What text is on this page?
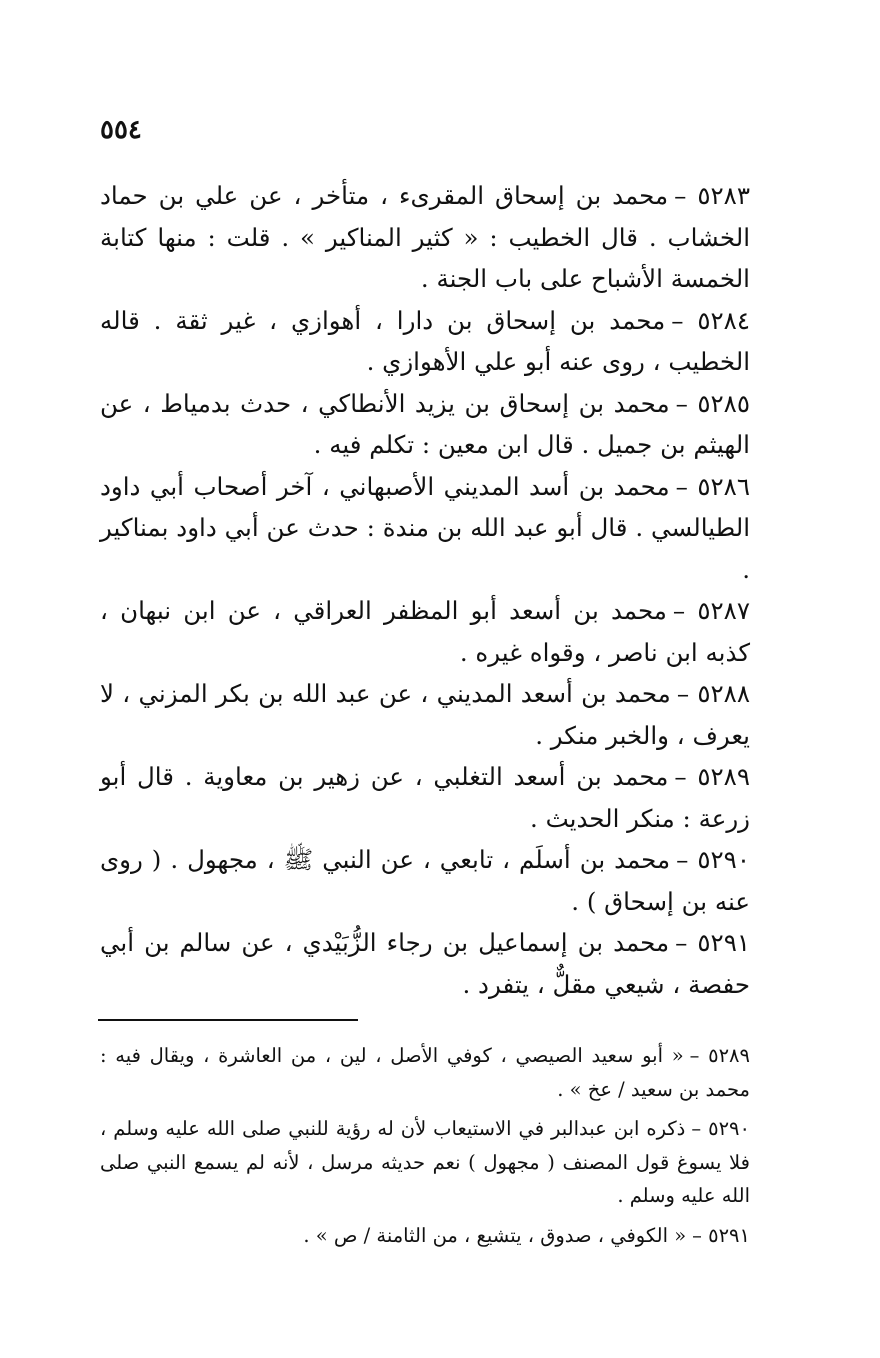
٥٥٤

٥٢٨٣ –محمد بن إسحاق المقرىء ، متأخر ، عن علي بن حماد الخشاب . قال الخطيب : « كثير المناكير » . قلت : منها كتابة الخمسة الأشباح على باب الجنة .

٥٢٨٤ –محمد بن إسحاق بن دارا ، أهوازي ، غير ثقة . قاله الخطيب ، روى عنه أبو علي الأهوازي .

٥٢٨٥ –محمد بن إسحاق بن يزيد الأنطاكي ، حدث بدمياط ، عن الهيثم بن جميل . قال ابن معين : تكلم فيه .

٥٢٨٦ –محمد بن أسد المديني الأصبهاني ، آخر أصحاب أبي داود الطيالسي . قال أبو عبد الله بن مندة : حدث عن أبي داود بمناكير .

٥٢٨٧ –محمد بن أسعد أبو المظفر العراقي ، عن ابن نبهان ، كذبه ابن ناصر ، وقواه غيره .

٥٢٨٨ –محمد بن أسعد المديني ، عن عبد الله بن بكر المزني ، لا يعرف ، والخبر منكر .

٥٢٨٩ –محمد بن أسعد التغلبي ، عن زهير بن معاوية . قال أبو زرعة : منكر الحديث .

٥٢٩٠ –محمد بن أسلَم ، تابعي ، عن النبي ﷺ ، مجهول . ( روى عنه بن إسحاق ) .

٥٢٩١ –محمد بن إسماعيل بن رجاء الزُّبَيْدي ، عن سالم بن أبي حفصة ، شيعي مقلٌّ ، يتفرد .

٥٢٨٩ –« أبو سعيد الصيصي ، كوفي الأصل ، لين ، من العاشرة ، ويقال فيه : محمد بن سعيد / عخ » .

٥٢٩٠ –ذكره ابن عبدالبر في الاستيعاب لأن له رؤية للنبي صلى الله عليه وسلم ، فلا يسوغ قول المصنف ( مجهول ) نعم حديثه مرسل ، لأنه لم يسمع النبي صلى الله عليه وسلم .

٥٢٩١ –« الكوفي ، صدوق ، يتشيع ، من الثامنة / ص » .
